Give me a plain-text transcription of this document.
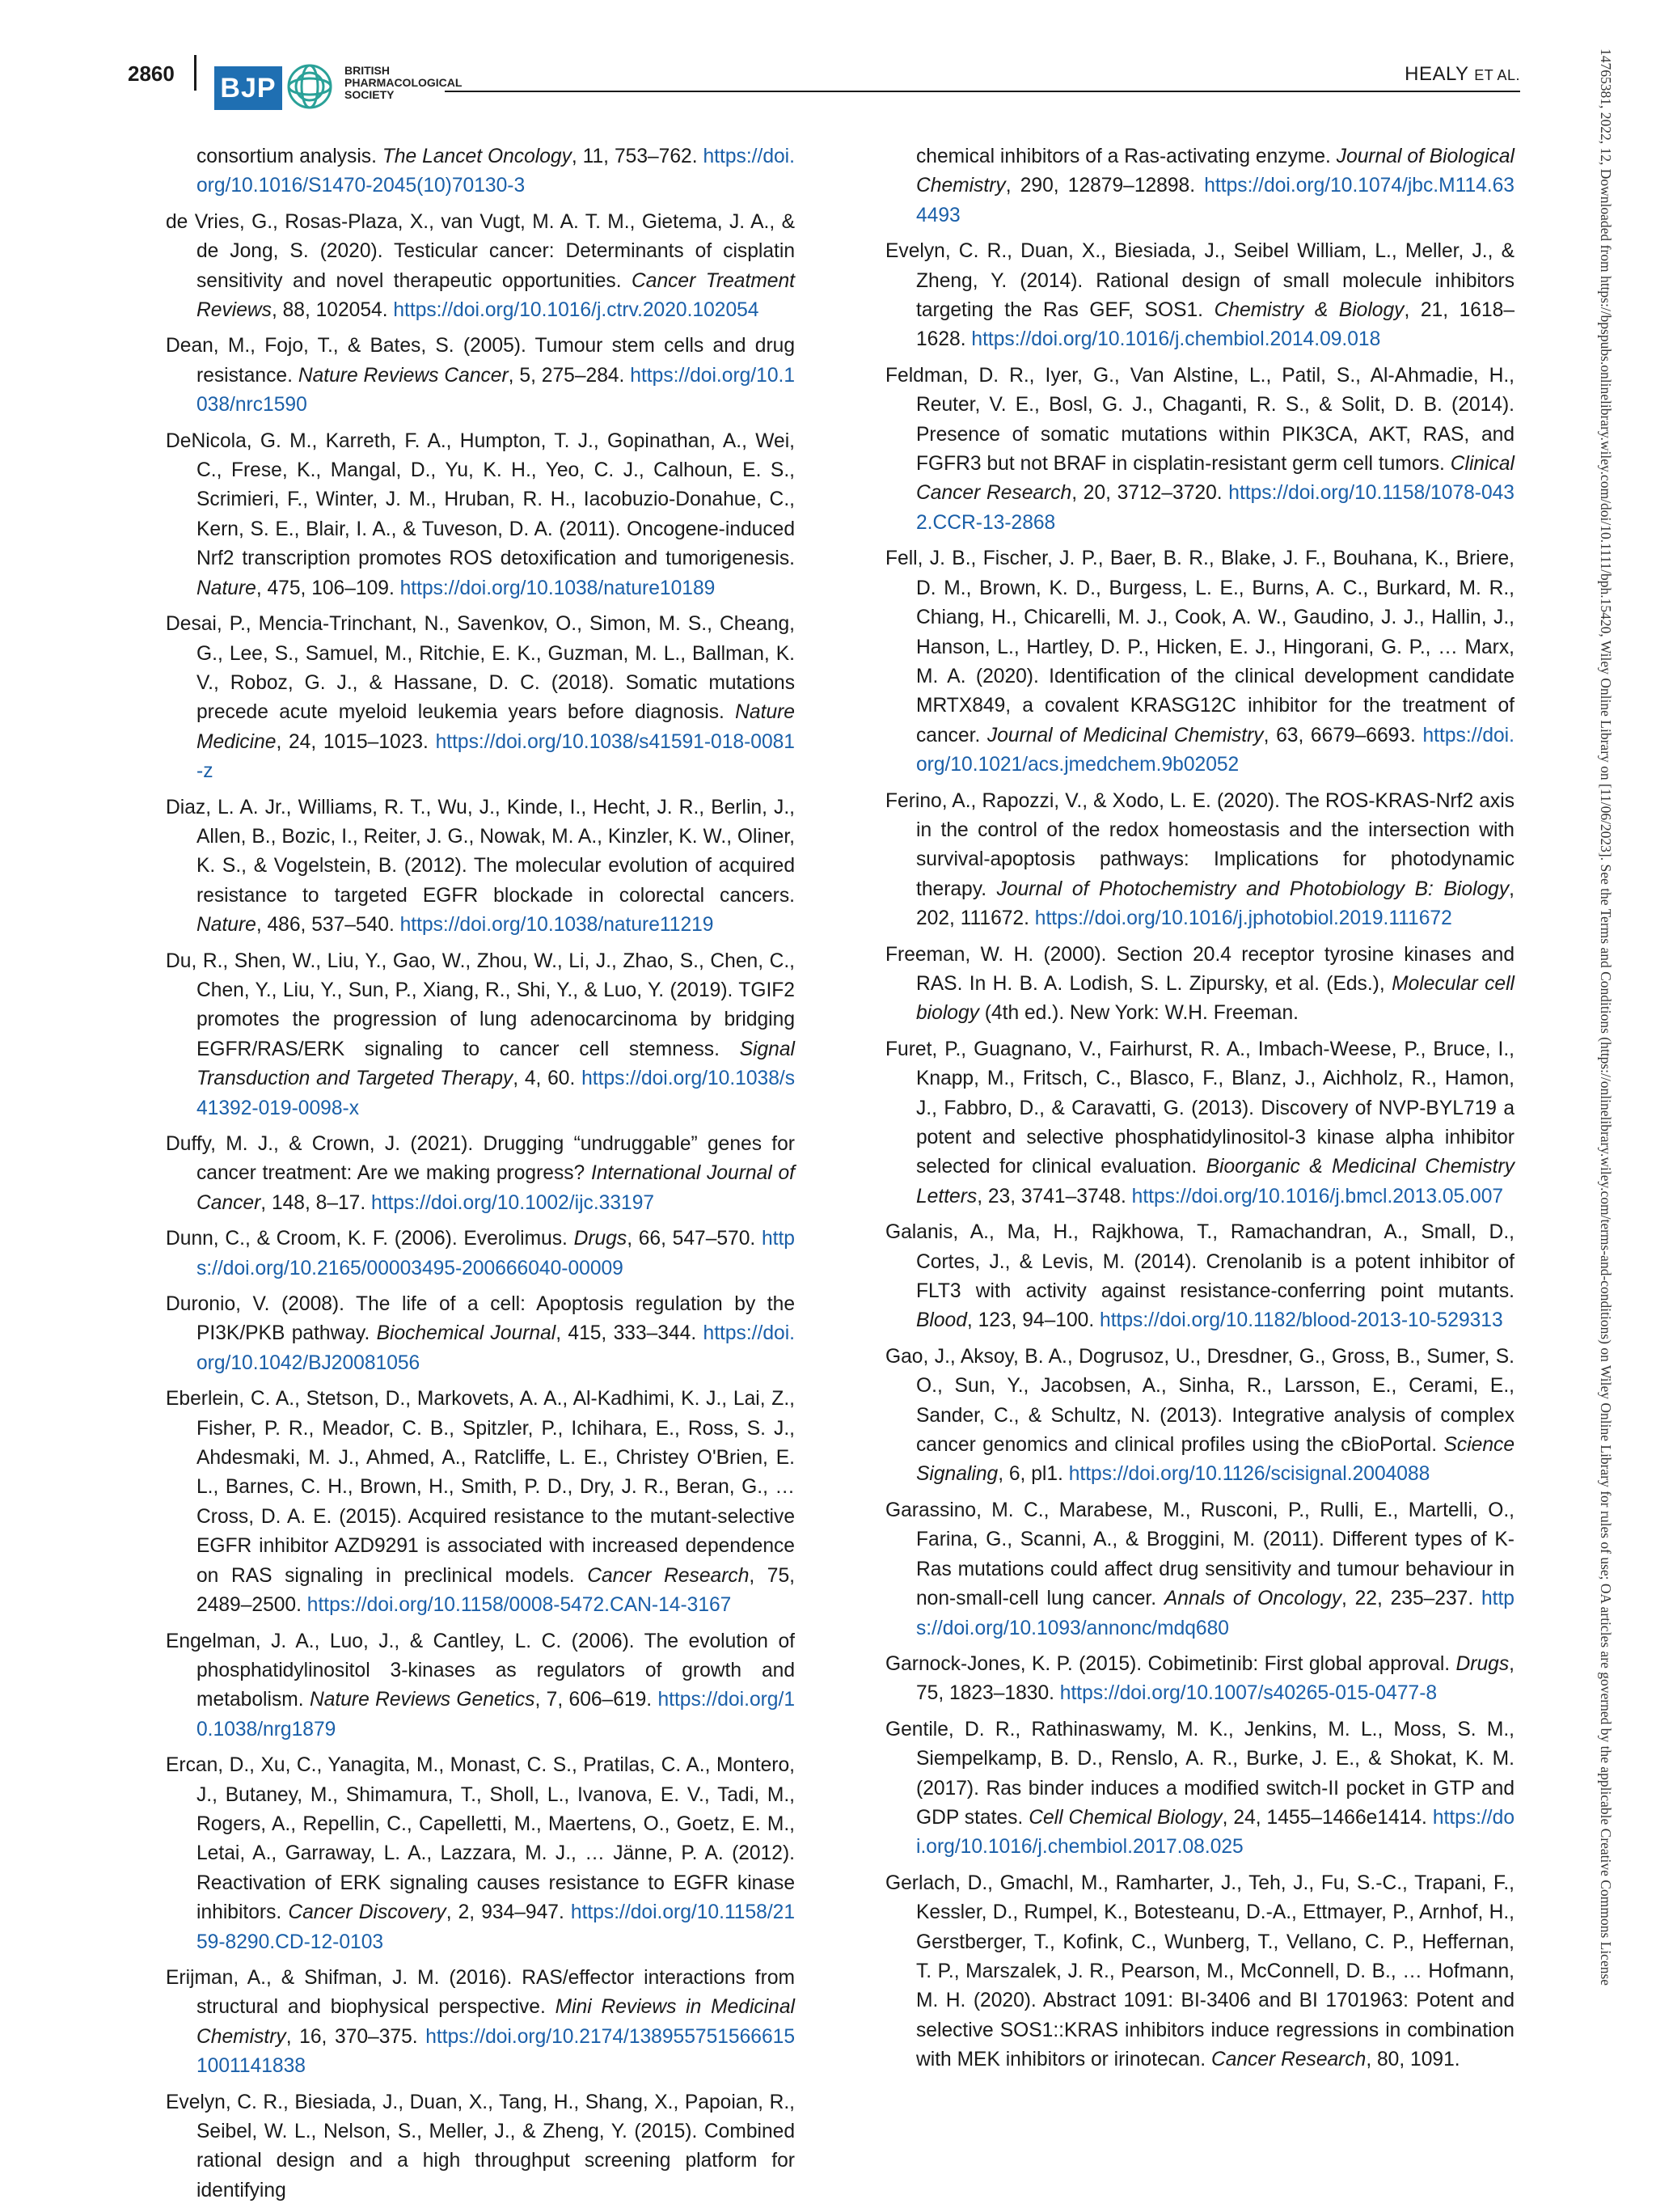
2860 BJP
BRITISH
PHARMACOLOGICAL
SOCIETY
HEALY ET AL.

consortium analysis. The Lancet Oncology, 11, 753–762. https://doi.org/10.1016/S1470-2045(10)70130-3

de Vries, G., Rosas-Plaza, X., van Vugt, M. A. T. M., Gietema, J. A., & de Jong, S. (2020). Testicular cancer: Determinants of cisplatin sensitivity and novel therapeutic opportunities. Cancer Treatment Reviews, 88, 102054. https://doi.org/10.1016/j.ctrv.2020.102054

Dean, M., Fojo, T., & Bates, S. (2005). Tumour stem cells and drug resistance. Nature Reviews Cancer, 5, 275–284. https://doi.org/10.1038/nrc1590

DeNicola, G. M., Karreth, F. A., Humpton, T. J., Gopinathan, A., Wei, C., Frese, K., Mangal, D., Yu, K. H., Yeo, C. J., Calhoun, E. S., Scrimieri, F., Winter, J. M., Hruban, R. H., Iacobuzio-Donahue, C., Kern, S. E., Blair, I. A., & Tuveson, D. A. (2011). Oncogene-induced Nrf2 transcription promotes ROS detoxification and tumorigenesis. Nature, 475, 106–109. https://doi.org/10.1038/nature10189

Desai, P., Mencia-Trinchant, N., Savenkov, O., Simon, M. S., Cheang, G., Lee, S., Samuel, M., Ritchie, E. K., Guzman, M. L., Ballman, K. V., Roboz, G. J., & Hassane, D. C. (2018). Somatic mutations precede acute myeloid leukemia years before diagnosis. Nature Medicine, 24, 1015–1023. https://doi.org/10.1038/s41591-018-0081-z

Diaz, L. A. Jr., Williams, R. T., Wu, J., Kinde, I., Hecht, J. R., Berlin, J., Allen, B., Bozic, I., Reiter, J. G., Nowak, M. A., Kinzler, K. W., Oliner, K. S., & Vogelstein, B. (2012). The molecular evolution of acquired resistance to targeted EGFR blockade in colorectal cancers. Nature, 486, 537–540. https://doi.org/10.1038/nature11219

Du, R., Shen, W., Liu, Y., Gao, W., Zhou, W., Li, J., Zhao, S., Chen, C., Chen, Y., Liu, Y., Sun, P., Xiang, R., Shi, Y., & Luo, Y. (2019). TGIF2 promotes the progression of lung adenocarcinoma by bridging EGFR/RAS/ERK signaling to cancer cell stemness. Signal Transduction and Targeted Therapy, 4, 60. https://doi.org/10.1038/s41392-019-0098-x

Duffy, M. J., & Crown, J. (2021). Drugging “undruggable” genes for cancer treatment: Are we making progress? International Journal of Cancer, 148, 8–17. https://doi.org/10.1002/ijc.33197

Dunn, C., & Croom, K. F. (2006). Everolimus. Drugs, 66, 547–570. https://doi.org/10.2165/00003495-200666040-00009

Duronio, V. (2008). The life of a cell: Apoptosis regulation by the PI3K/PKB pathway. Biochemical Journal, 415, 333–344. https://doi.org/10.1042/BJ20081056

Eberlein, C. A., Stetson, D., Markovets, A. A., Al-Kadhimi, K. J., Lai, Z., Fisher, P. R., Meador, C. B., Spitzler, P., Ichihara, E., Ross, S. J., Ahdesmaki, M. J., Ahmed, A., Ratcliffe, L. E., Christey O'Brien, E. L., Barnes, C. H., Brown, H., Smith, P. D., Dry, J. R., Beran, G., … Cross, D. A. E. (2015). Acquired resistance to the mutant-selective EGFR inhibitor AZD9291 is associated with increased dependence on RAS signaling in preclinical models. Cancer Research, 75, 2489–2500. https://doi.org/10.1158/0008-5472.CAN-14-3167

Engelman, J. A., Luo, J., & Cantley, L. C. (2006). The evolution of phosphatidylinositol 3-kinases as regulators of growth and metabolism. Nature Reviews Genetics, 7, 606–619. https://doi.org/10.1038/nrg1879

Ercan, D., Xu, C., Yanagita, M., Monast, C. S., Pratilas, C. A., Montero, J., Butaney, M., Shimamura, T., Sholl, L., Ivanova, E. V., Tadi, M., Rogers, A., Repellin, C., Capelletti, M., Maertens, O., Goetz, E. M., Letai, A., Garraway, L. A., Lazzara, M. J., … Jänne, P. A. (2012). Reactivation of ERK signaling causes resistance to EGFR kinase inhibitors. Cancer Discovery, 2, 934–947. https://doi.org/10.1158/2159-8290.CD-12-0103

Erijman, A., & Shifman, J. M. (2016). RAS/effector interactions from structural and biophysical perspective. Mini Reviews in Medicinal Chemistry, 16, 370–375. https://doi.org/10.2174/1389557515666151001141838

Evelyn, C. R., Biesiada, J., Duan, X., Tang, H., Shang, X., Papoian, R., Seibel, W. L., Nelson, S., Meller, J., & Zheng, Y. (2015). Combined rational design and a high throughput screening platform for identifying

chemical inhibitors of a Ras-activating enzyme. Journal of Biological Chemistry, 290, 12879–12898. https://doi.org/10.1074/jbc.M114.634493

Evelyn, C. R., Duan, X., Biesiada, J., Seibel William, L., Meller, J., & Zheng, Y. (2014). Rational design of small molecule inhibitors targeting the Ras GEF, SOS1. Chemistry & Biology, 21, 1618–1628. https://doi.org/10.1016/j.chembiol.2014.09.018

Feldman, D. R., Iyer, G., Van Alstine, L., Patil, S., Al-Ahmadie, H., Reuter, V. E., Bosl, G. J., Chaganti, R. S., & Solit, D. B. (2014). Presence of somatic mutations within PIK3CA, AKT, RAS, and FGFR3 but not BRAF in cisplatin-resistant germ cell tumors. Clinical Cancer Research, 20, 3712–3720. https://doi.org/10.1158/1078-0432.CCR-13-2868

Fell, J. B., Fischer, J. P., Baer, B. R., Blake, J. F., Bouhana, K., Briere, D. M., Brown, K. D., Burgess, L. E., Burns, A. C., Burkard, M. R., Chiang, H., Chicarelli, M. J., Cook, A. W., Gaudino, J. J., Hallin, J., Hanson, L., Hartley, D. P., Hicken, E. J., Hingorani, G. P., … Marx, M. A. (2020). Identification of the clinical development candidate MRTX849, a covalent KRASG12C inhibitor for the treatment of cancer. Journal of Medicinal Chemistry, 63, 6679–6693. https://doi.org/10.1021/acs.jmedchem.9b02052

Ferino, A., Rapozzi, V., & Xodo, L. E. (2020). The ROS-KRAS-Nrf2 axis in the control of the redox homeostasis and the intersection with survival-apoptosis pathways: Implications for photodynamic therapy. Journal of Photochemistry and Photobiology B: Biology, 202, 111672. https://doi.org/10.1016/j.jphotobiol.2019.111672

Freeman, W. H. (2000). Section 20.4 receptor tyrosine kinases and RAS. In H. B. A. Lodish, S. L. Zipursky, et al. (Eds.), Molecular cell biology (4th ed.). New York: W.H. Freeman.

Furet, P., Guagnano, V., Fairhurst, R. A., Imbach-Weese, P., Bruce, I., Knapp, M., Fritsch, C., Blasco, F., Blanz, J., Aichholz, R., Hamon, J., Fabbro, D., & Caravatti, G. (2013). Discovery of NVP-BYL719 a potent and selective phosphatidylinositol-3 kinase alpha inhibitor selected for clinical evaluation. Bioorganic & Medicinal Chemistry Letters, 23, 3741–3748. https://doi.org/10.1016/j.bmcl.2013.05.007

Galanis, A., Ma, H., Rajkhowa, T., Ramachandran, A., Small, D., Cortes, J., & Levis, M. (2014). Crenolanib is a potent inhibitor of FLT3 with activity against resistance-conferring point mutants. Blood, 123, 94–100. https://doi.org/10.1182/blood-2013-10-529313

Gao, J., Aksoy, B. A., Dogrusoz, U., Dresdner, G., Gross, B., Sumer, S. O., Sun, Y., Jacobsen, A., Sinha, R., Larsson, E., Cerami, E., Sander, C., & Schultz, N. (2013). Integrative analysis of complex cancer genomics and clinical profiles using the cBioPortal. Science Signaling, 6, pl1. https://doi.org/10.1126/scisignal.2004088

Garassino, M. C., Marabese, M., Rusconi, P., Rulli, E., Martelli, O., Farina, G., Scanni, A., & Broggini, M. (2011). Different types of K-Ras mutations could affect drug sensitivity and tumour behaviour in non-small-cell lung cancer. Annals of Oncology, 22, 235–237. https://doi.org/10.1093/annonc/mdq680

Garnock-Jones, K. P. (2015). Cobimetinib: First global approval. Drugs, 75, 1823–1830. https://doi.org/10.1007/s40265-015-0477-8

Gentile, D. R., Rathinaswamy, M. K., Jenkins, M. L., Moss, S. M., Siempelkamp, B. D., Renslo, A. R., Burke, J. E., & Shokat, K. M. (2017). Ras binder induces a modified switch-II pocket in GTP and GDP states. Cell Chemical Biology, 24, 1455–1466e1414. https://doi.org/10.1016/j.chembiol.2017.08.025

Gerlach, D., Gmachl, M., Ramharter, J., Teh, J., Fu, S.-C., Trapani, F., Kessler, D., Rumpel, K., Botesteanu, D.-A., Ettmayer, P., Arnhof, H., Gerstberger, T., Kofink, C., Wunberg, T., Vellano, C. P., Heffernan, T. P., Marszalek, J. R., Pearson, M., McConnell, D. B., … Hofmann, M. H. (2020). Abstract 1091: BI-3406 and BI 1701963: Potent and selective SOS1::KRAS inhibitors induce regressions in combination with MEK inhibitors or irinotecan. Cancer Research, 80, 1091.

14765381, 2022, 12, Downloaded from https://bpspubs.onlinelibrary.wiley.com/doi/10.1111/bph.15420, Wiley Online Library on [11/06/2023]. See the Terms and Conditions (https://onlinelibrary.wiley.com/terms-and-conditions) on Wiley Online Library for rules of use; OA articles are governed by the applicable Creative Commons License
